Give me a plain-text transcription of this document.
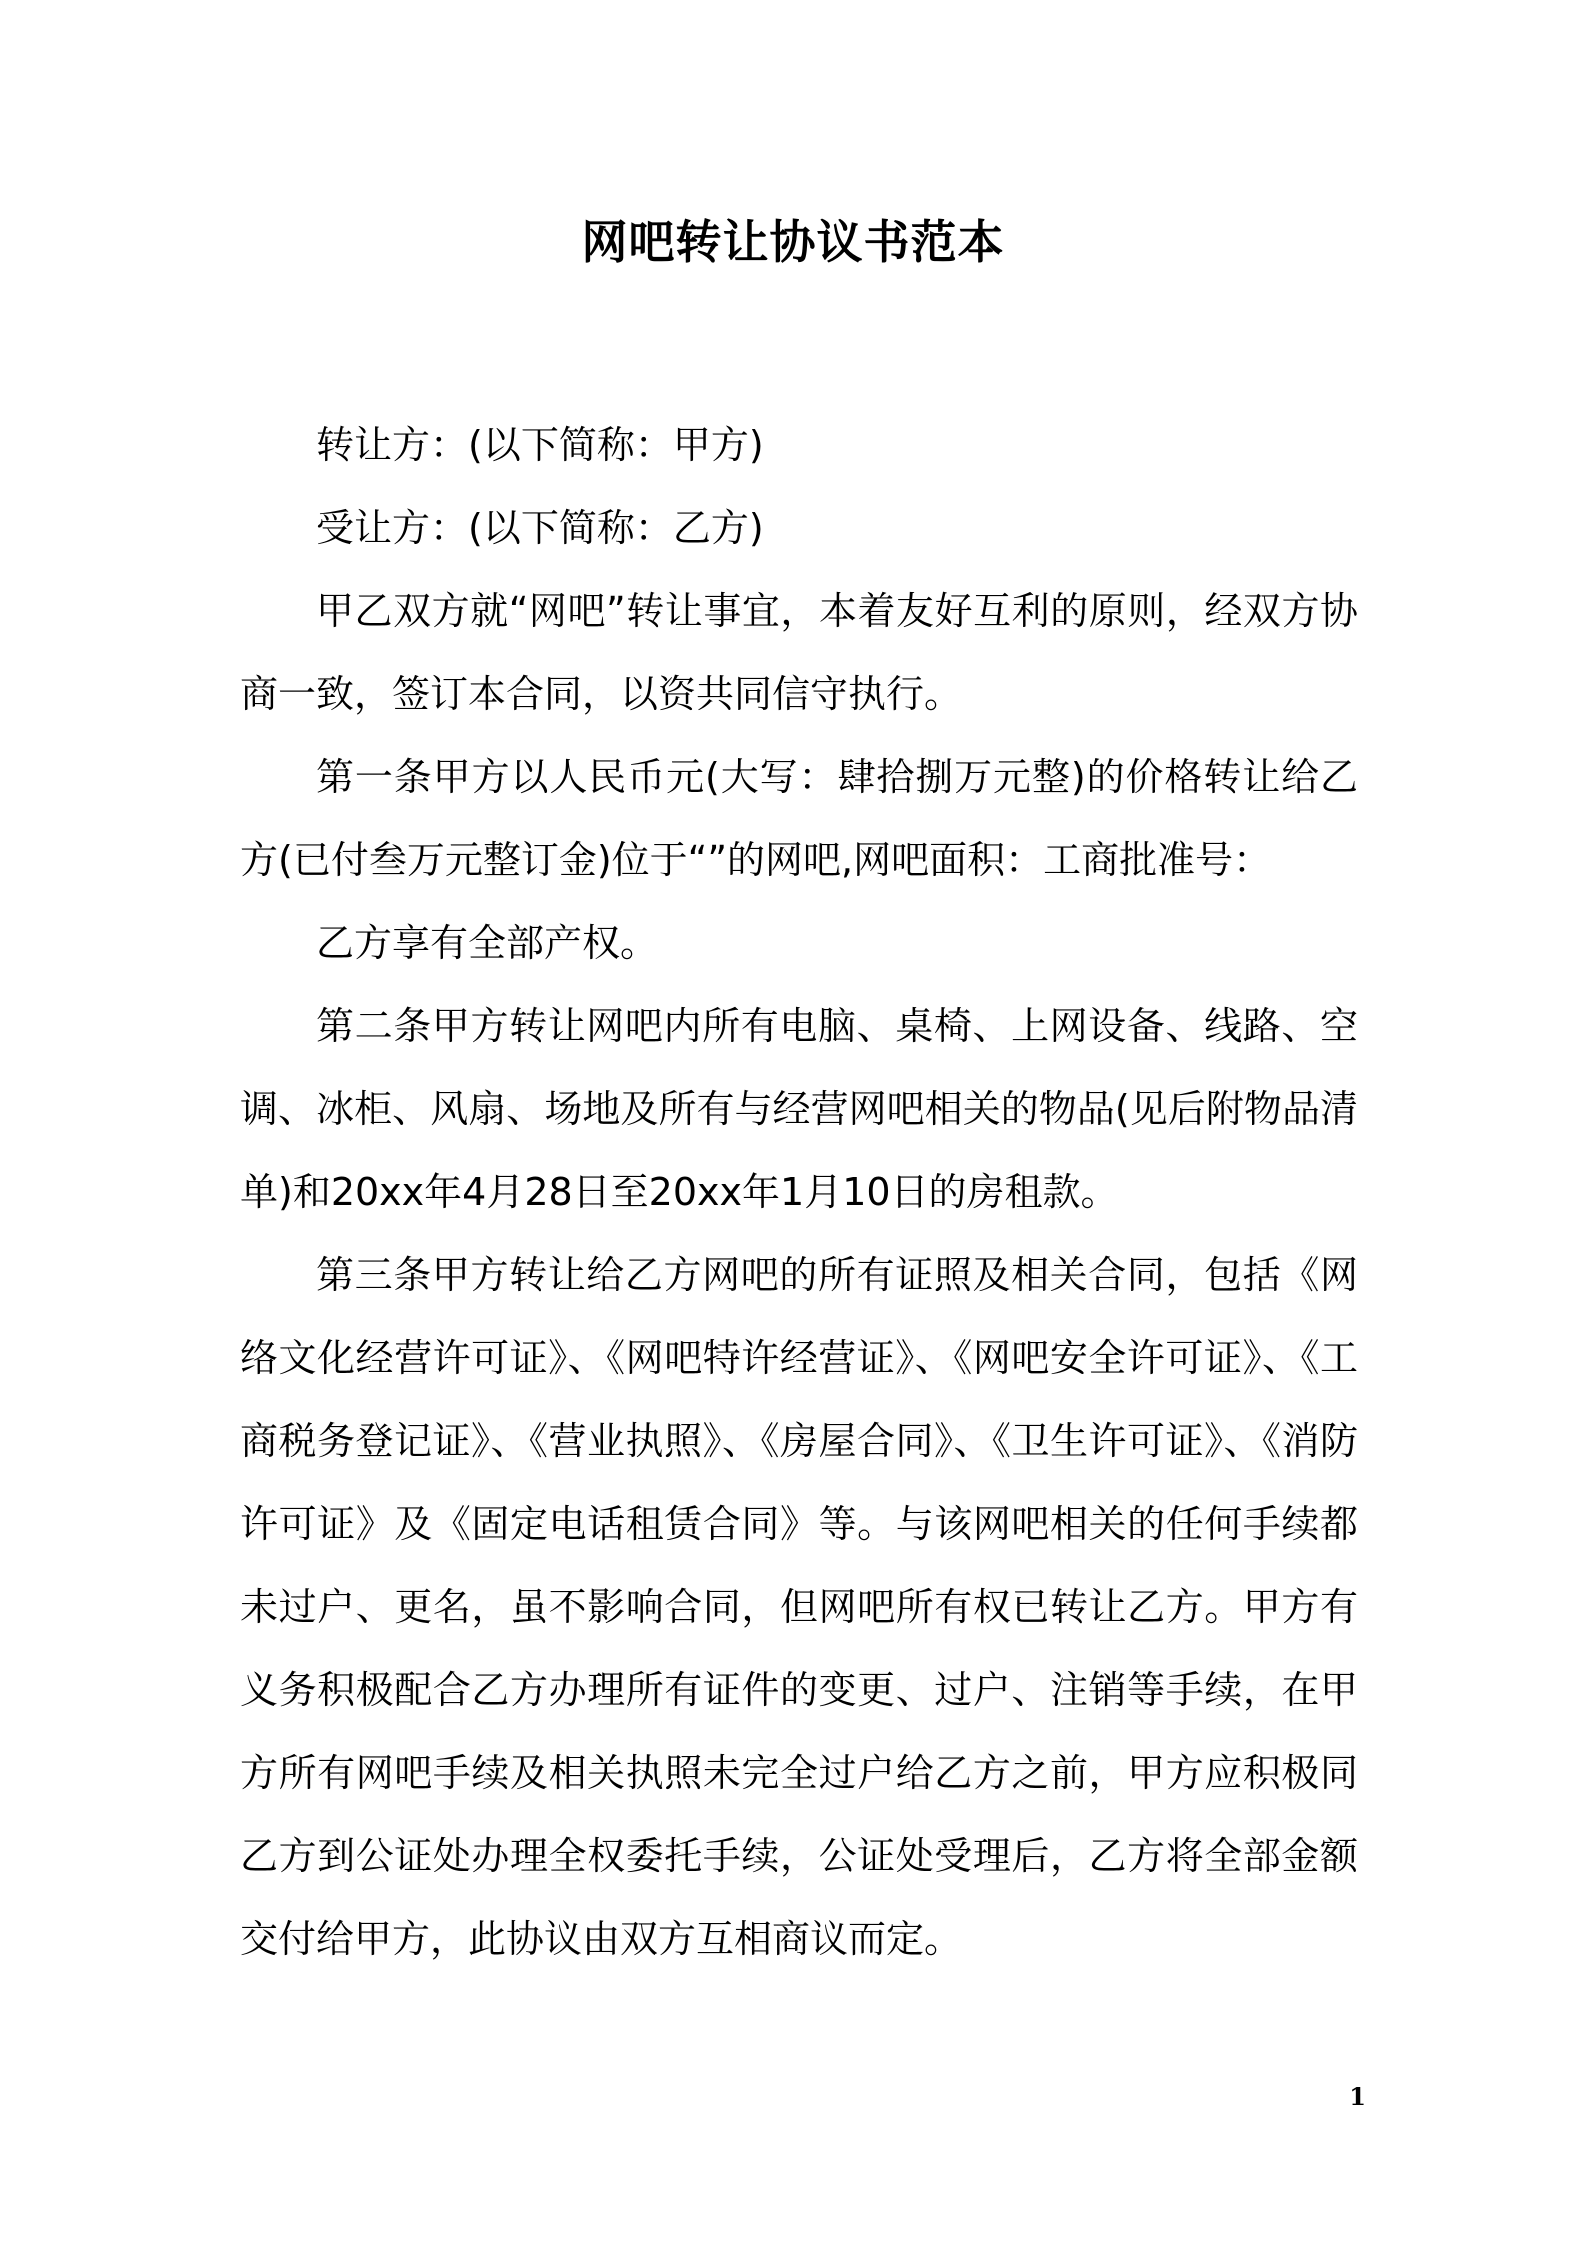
网吧转让协议书范本

转让方：(以下简称：甲方)

受让方：(以下简称：乙方)

甲乙双方就“网吧”转让事宜，本着友好互利的原则，经双方协商一致，签订本合同，以资共同信守执行。

第一条甲方以人民币元(大写：肆拾捌万元整)的价格转让给乙方(已付叁万元整订金)位于“”的网吧,网吧面积：工商批准号：

乙方享有全部产权。

第二条甲方转让网吧内所有电脑、桌椅、上网设备、线路、空调、冰柜、风扇、场地及所有与经营网吧相关的物品(见后附物品清单)和20xx年4月28日至20xx年1月10日的房租款。

第三条甲方转让给乙方网吧的所有证照及相关合同，包括《网络文化经营许可证》、《网吧特许经营证》、《网吧安全许可证》、《工商税务登记证》、《营业执照》、《房屋合同》、《卫生许可证》、《消防许可证》及《固定电话租赁合同》等。与该网吧相关的任何手续都未过户、更名，虽不影响合同，但网吧所有权已转让乙方。甲方有义务积极配合乙方办理所有证件的变更、过户、注销等手续，在甲方所有网吧手续及相关执照未完全过户给乙方之前，甲方应积极同乙方到公证处办理全权委托手续，公证处受理后，乙方将全部金额交付给甲方，此协议由双方互相商议而定。

1
